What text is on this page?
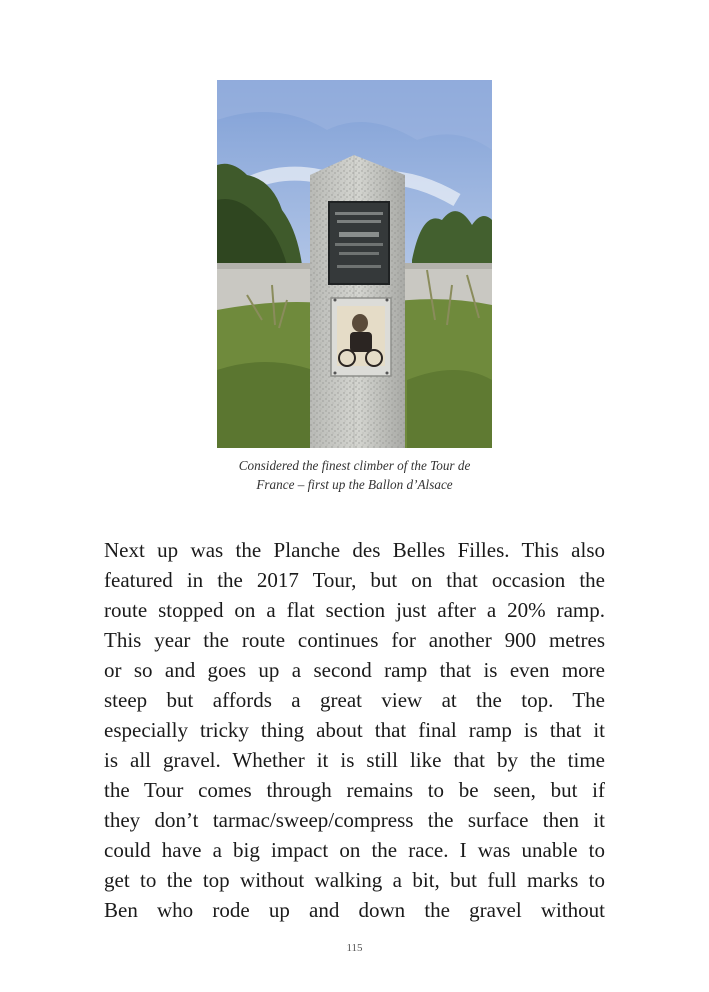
Considered the finest climber of the Tour de
France – first up the Ballon d’Alsace
Next up was the Planche des Belles Filles. This also
featured in the 2017 Tour, but on that occasion the
route stopped on a flat section just after a 20% ramp.
This year the route continues for another 900 metres
or so and goes up a second ramp that is even more
steep but affords a great view at the top. The
especially tricky thing about that final ramp is that it
is all gravel. Whether it is still like that by the time
the Tour comes through remains to be seen, but if
they don’t tarmac/sweep/compress the surface then it
could have a big impact on the race. I was unable to
get to the top without walking a bit, but full marks to
Ben who rode up and down the gravel without
115
